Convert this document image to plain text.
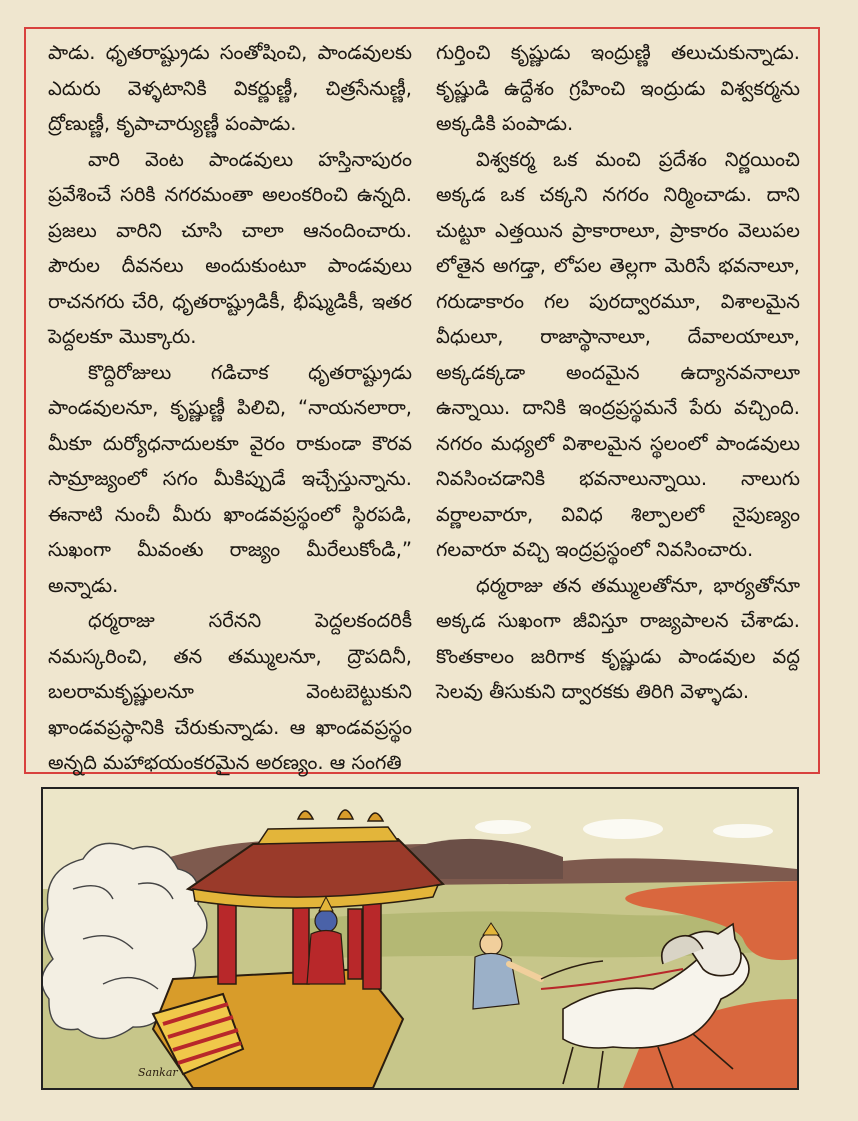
పాడు. ధృతరాష్ట్రుడు సంతోషించి, పాండవులకు ఎదురు వెళ్ళటానికి వికర్ణుణ్ణీ, చిత్రసేనుణ్ణీ, ద్రోణుణ్ణీ, కృపాచార్యుణ్ణీ పంపాడు.

వారి వెంట పాండవులు హస్తినాపురం ప్రవేశించే సరికి నగరమంతా అలంకరించి ఉన్నది. ప్రజలు వారిని చూసి చాలా ఆనందించారు. పౌరుల దీవనలు అందుకుంటూ పాండవులు రాచనగరు చేరి, ధృతరాష్ట్రుడికీ, భీష్ముడికీ, ఇతర పెద్దలకూ మొక్కారు.

కొద్దిరోజులు గడిచాక ధృతరాష్ట్రుడు పాండవులనూ, కృష్ణుణ్ణీ పిలిచి, “నాయనలారా, మీకూ దుర్యోధనాదులకూ వైరం రాకుండా కౌరవ సామ్రాజ్యంలో సగం మీకిప్పుడే ఇచ్చేస్తున్నాను. ఈనాటి నుంచీ మీరు ఖాండవప్రస్థంలో స్థిరపడి, సుఖంగా మీవంతు రాజ్యం మీరేలుకోండి,” అన్నాడు.

ధర్మరాజు సరేనని పెద్దలకందరికీ నమస్కరించి, తన తమ్ములనూ, ద్రౌపదినీ, బలరామకృష్ణులనూ వెంటబెట్టుకుని ఖాండవప్రస్థానికి చేరుకున్నాడు. ఆ ఖాండవప్రస్థం అన్నది మహాభయంకరమైన అరణ్యం. ఆ సంగతి

గుర్తించి కృష్ణుడు ఇంద్రుణ్ణి తలుచుకున్నాడు. కృష్ణుడి ఉద్దేశం గ్రహించి ఇంద్రుడు విశ్వకర్మను అక్కడికి పంపాడు.

విశ్వకర్మ ఒక మంచి ప్రదేశం నిర్ణయించి అక్కడ ఒక చక్కని నగరం నిర్మించాడు. దాని చుట్టూ ఎత్తయిన ప్రాకారాలూ, ప్రాకారం వెలుపల లోతైన అగడ్తా, లోపల తెల్లగా మెరిసే భవనాలూ, గరుడాకారం గల పురద్వారమూ, విశాలమైన వీధులూ, రాజాస్థానాలూ, దేవాలయాలూ, అక్కడక్కడా అందమైన ఉద్యానవనాలూ ఉన్నాయి. దానికి ఇంద్రప్రస్థమనే పేరు వచ్చింది. నగరం మధ్యలో విశాలమైన స్థలంలో పాండవులు నివసించడానికి భవనాలున్నాయి. నాలుగు వర్ణాలవారూ, వివిధ శిల్పాలలో నైపుణ్యం గలవారూ వచ్చి ఇంద్రప్రస్థంలో నివసించారు.

ధర్మరాజు తన తమ్ములతోనూ, భార్యతోనూ అక్కడ సుఖంగా జీవిస్తూ రాజ్యపాలన చేశాడు. కొంతకాలం జరిగాక కృష్ణుడు పాండవుల వద్ద సెలవు తీసుకుని ద్వారకకు తిరిగి వెళ్ళాడు.

Sankar
